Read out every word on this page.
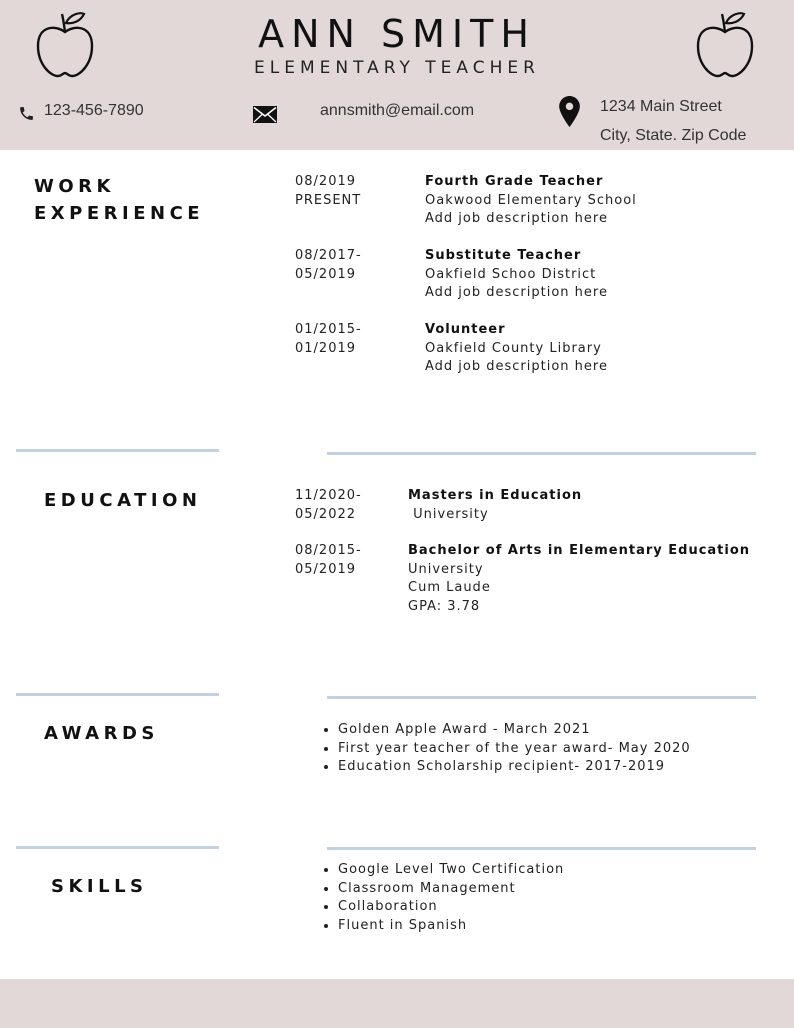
ANN SMITH
ELEMENTARY TEACHER
123-456-7890	annsmith@email.com	1234 Main Street
City, State. Zip Code
WORK
EXPERIENCE
08/2019
PRESENT
Fourth Grade Teacher
Oakwood Elementary School
Add job description here
08/2017-
05/2019
Substitute Teacher
Oakfield Schoo District
Add job description here
01/2015-
01/2019
Volunteer
Oakfield County Library
Add job description here
EDUCATION	11/2020-
05/2022
Masters in Education
University
08/2015-
05/2019
Bachelor of Arts in Elementary Education
University
Cum Laude
GPA: 3.78
AWARDS
•	Golden Apple Award - March 2021
• First year teacher of the year award- May 2020
• Education Scholarship recipient- 2017-2019
SKILLS
• Google Level Two Certification
• Classroom Management
• Collaboration
• Fluent in Spanish
